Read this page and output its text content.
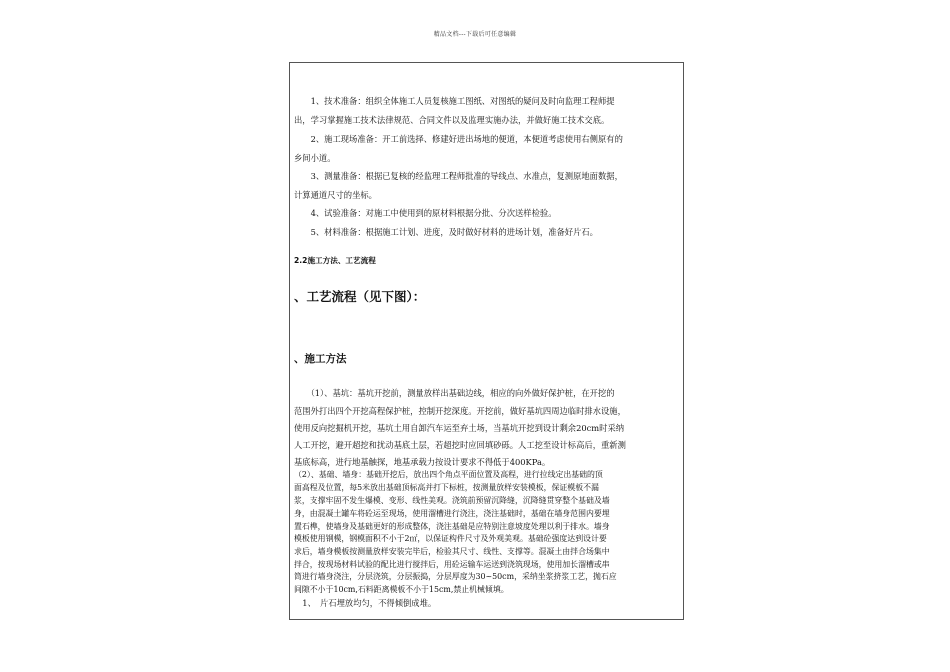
精品文档---下载后可任意编辑
　　1、技术准备：组织全体施工人员复核施工图纸、对图纸的疑问及时向监理工程师提
出，学习掌握施工技术法律规范、合同文件以及监理实施办法，并做好施工技术交底。
　　2、施工现场准备：开工前选择、修建好进出场地的便道，本便道考虑使用右侧原有的
乡间小道。
　　3、测量准备：根据已复核的经监理工程师批准的导线点、水准点，复测原地面数据，
计算通道尺寸的坐标。
　　4、试验准备：对施工中使用到的原材料根据分批、分次送样检验。
　　5、材料准备：根据施工计划、进度，及时做好材料的进场计划，准备好片石。
2.2施工方法、工艺流程
、工艺流程（见下图）：
、施工方法
　　（1）、基坑：基坑开挖前，测量放样出基础边线，相应的向外做好保护桩，在开挖的
范围外打出四个开挖高程保护桩，控制开挖深度。开挖前，做好基坑四周边临时排水设施，
使用反向挖掘机开挖，基坑土用自卸汽车运至弃土场，当基坑开挖到设计剩余20cm时采纳
人工开挖，避开超挖和扰动基底土层，若超挖时应回填砂砾。人工挖至设计标高后，重新测
基底标高，进行地基触探，地基承载力按设计要求不得低于400KPa。
（2）、基础、墙身：基础开挖后，放出四个角点平面位置及高程，进行拉线定出基础的顶
面高程及位置，每5米放出基础顶标高并打下标桩，按测量放样安装模板，保证模板不漏
浆，支撑牢固不发生爆模、变形、线性美观。浇筑前预留沉降缝，沉降缝贯穿整个基础及墙
身，由混凝土罐车将砼运至现场，使用溜槽进行浇注，浇注基础时，基础在墙身范围内要埋
置石榫，使墙身及基础更好的形成整体，浇注基础是应特别注意坡度处理以利于排水。墙身
模板使用钢模，钢模面积不小于2㎡，以保证构件尺寸及外观美观。基础砼强度达到设计要
求后，墙身模板按测量放样安装完毕后，检验其尺寸、线性、支撑等。混凝土由拌合场集中
拌合，按现场材料试验的配比进行搅拌后，用砼运输车运送到浇筑现场，使用加长溜槽或串
筒进行墙身浇注，分层浇筑，分层振捣，分层厚度为30~50cm，采纳坐浆挤浆工艺，抛石应
间隙不小于10cm,石料距离模板不小于15cm,禁止机械倾填。
　1、　片石埋放均匀，不得倾倒成堆。
